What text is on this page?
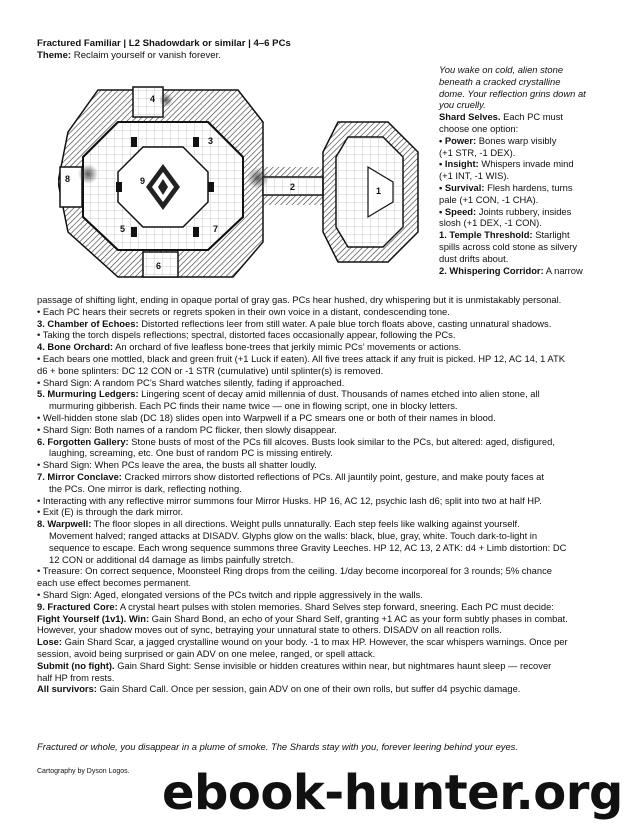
Fractured Familiar | L2 Shadowdark or similar | 4–6 PCs
Theme: Reclaim yourself or vanish forever.
1
2
3
4
5
6
7
8	9
You wake on cold, alien stone
beneath a cracked crystalline
dome. Your reflection grins down at
you cruelly.
Shard Selves. Each PC must
choose one option:
• Power: Bones warp visibly
(+1 STR, -1 DEX).
• Insight: Whispers invade mind
(+1 INT, -1 WIS).
• Survival: Flesh hardens, turns
pale (+1 CON, -1 CHA).
• Speed: Joints rubbery, insides
slosh (+1 DEX, -1 CON).
1. Temple Threshold: Starlight
spills across cold stone as silvery
dust drifts about.
2. Whispering Corridor: A narrow
passage of shifting light, ending in opaque portal of gray gas. PCs hear hushed, dry whispering but it is unmistakably personal.
• Each PC hears their secrets or regrets spoken in their own voice in a distant, condescending tone.
3. Chamber of Echoes: Distorted reflections leer from still water. A pale blue torch floats above, casting unnatural shadows.
• Taking the torch dispels reflections; spectral, distorted faces occasionally appear, following the PCs.
4. Bone Orchard: An orchard of five leafless bone-trees that jerkily mimic PCs’ movements or actions.
• Each bears one mottled, black and green fruit (+1 Luck if eaten). All five trees attack if any fruit is picked. HP 12, AC 14, 1 ATK
d6 + bone splinters: DC 12 CON or -1 STR (cumulative) until splinter(s) is removed.
• Shard Sign: A random PC’s Shard watches silently, fading if approached.
5. Murmuring Ledgers: Lingering scent of decay amid millennia of dust. Thousands of names etched into alien stone, all
murmuring gibberish. Each PC finds their name twice — one in flowing script, one in blocky letters.
• Well-hidden stone slab (DC 18) slides open into Warpwell if a PC smears one or both of their names in blood.
• Shard Sign: Both names of a random PC flicker, then slowly disappear.
6. Forgotten Gallery: Stone busts of most of the PCs fill alcoves. Busts look similar to the PCs, but altered: aged, disfigured,
laughing, screaming, etc. One bust of random PC is missing entirely.
• Shard Sign: When PCs leave the area, the busts all shatter loudly.
7. Mirror Conclave: Cracked mirrors show distorted reflections of PCs. All jauntily point, gesture, and make pouty faces at
the PCs. One mirror is dark, reflecting nothing.
• Interacting with any reflective mirror summons four Mirror Husks. HP 16, AC 12, psychic lash d6; split into two at half HP.
• Exit (E) is through the dark mirror.
8. Warpwell: The floor slopes in all directions. Weight pulls unnaturally. Each step feels like walking against yourself.
Movement halved; ranged attacks at DISADV. Glyphs glow on the walls: black, blue, gray, white. Touch dark-to-light in
sequence to escape. Each wrong sequence summons three Gravity Leeches. HP 12, AC 13, 2 ATK: d4 + Limb distortion: DC
12 CON or additional d4 damage as limbs painfully stretch.
• Treasure: On correct sequence, Moonsteel Ring drops from the ceiling. 1/day become incorporeal for 3 rounds; 5% chance
each use effect becomes permanent.
• Shard Sign: Aged, elongated versions of the PCs twitch and ripple aggressively in the walls.
9. Fractured Core: A crystal heart pulses with stolen memories. Shard Selves step forward, sneering. Each PC must decide:
Fight Yourself (1v1). Win: Gain Shard Bond, an echo of your Shard Self, granting +1 AC as your form subtly phases in combat.
However, your shadow moves out of sync, betraying your unnatural state to others. DISADV on all reaction rolls.
Lose: Gain Shard Scar, a jagged crystalline wound on your body. -1 to max HP. However, the scar whispers warnings. Once per
session, avoid being surprised or gain ADV on one melee, ranged, or spell attack.
Submit (no fight). Gain Shard Sight: Sense invisible or hidden creatures within near, but nightmares haunt sleep — recover
half HP from rests.
All survivors: Gain Shard Call. Once per session, gain ADV on one of their own rolls, but suffer d4 psychic damage.
Fractured or whole, you disappear in a plume of smoke. The Shards stay with you, forever leering behind your eyes.
Cartography by Dyson Logos. ebook-hunter.org
